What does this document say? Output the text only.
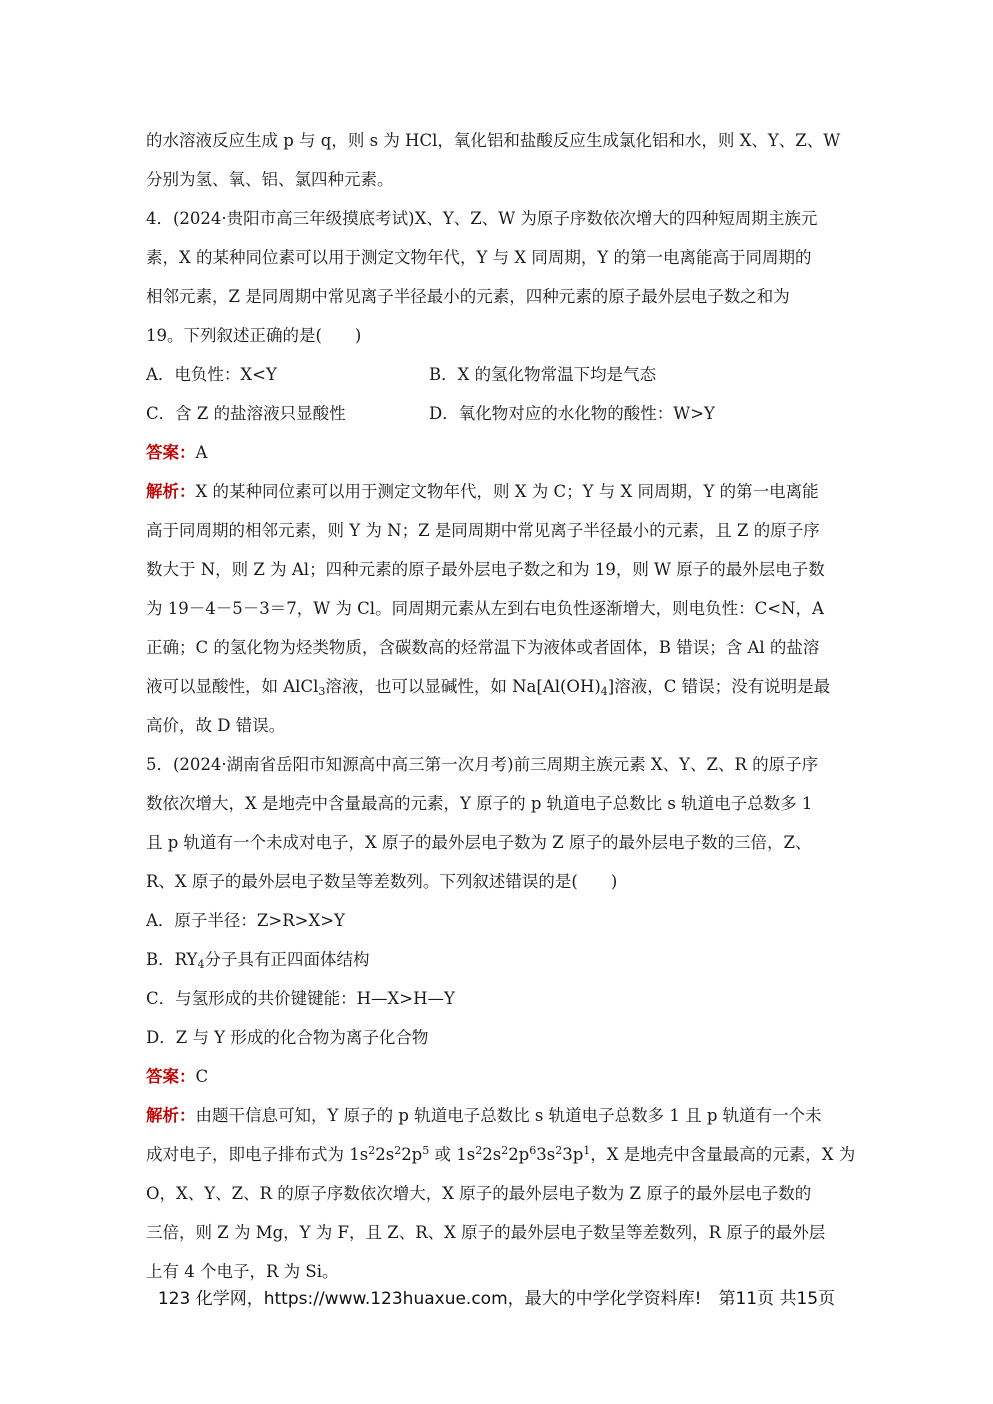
的水溶液反应生成 p 与 q，则 s 为 HCl，氧化铝和盐酸反应生成氯化铝和水，则 X、Y、Z、W
分别为氢、氧、铝、氯四种元素。
4．(2024·贵阳市高三年级摸底考试)X、Y、Z、W 为原子序数依次增大的四种短周期主族元
素，X 的某种同位素可以用于测定文物年代，Y 与 X 同周期，Y 的第一电离能高于同周期的
相邻元素，Z 是同周期中常见离子半径最小的元素，四种元素的原子最外层电子数之和为
19。下列叙述正确的是(　　)
A．电负性：X<Y	B．X 的氢化物常温下均是气态
C．含 Z 的盐溶液只显酸性	D．氧化物对应的水化物的酸性：W>Y
答案：A
解析：X 的某种同位素可以用于测定文物年代，则 X 为 C；Y 与 X 同周期，Y 的第一电离能
高于同周期的相邻元素，则 Y 为 N；Z 是同周期中常见离子半径最小的元素，且 Z 的原子序
数大于 N，则 Z 为 Al；四种元素的原子最外层电子数之和为 19，则 W 原子的最外层电子数
为 19－4－5－3＝7，W 为 Cl。同周期元素从左到右电负性逐渐增大，则电负性：C<N，A
正确；C 的氢化物为烃类物质，含碳数高的烃常温下为液体或者固体，B 错误；含 Al 的盐溶
液可以显酸性，如 AlCl$_3$溶液，也可以显碱性，如 $Na[Al(OH)_4]$溶液，C 错误；没有说明是最
高价，故 D 错误。
5．(2024·湖南省岳阳市知源高中高三第一次月考)前三周期主族元素 X、Y、Z、R 的原子序
数依次增大，X 是地壳中含量最高的元素，Y 原子的 p 轨道电子总数比 s 轨道电子总数多 1
且 p 轨道有一个未成对电子，X 原子的最外层电子数为 Z 原子的最外层电子数的三倍，Z、
R、X 原子的最外层电子数呈等差数列。下列叙述错误的是(　　)
A．原子半径：Z>R>X>Y
B．$RY_4$分子具有正四面体结构
C．与氢形成的共价键键能：H—X>H—Y
D．Z 与 Y 形成的化合物为离子化合物
答案：C
解析：由题干信息可知，Y 原子的 p 轨道电子总数比 s 轨道电子总数多 1 且 p 轨道有一个未
成对电子，即电子排布式为 $1s^22s^22p^5$ 或 $1s^22s^22p^63s^23p^1$，X 是地壳中含量最高的元素，X 为
O，X、Y、Z、R 的原子序数依次增大，X 原子的最外层电子数为 Z 原子的最外层电子数的
三倍，则 Z 为 Mg，Y 为 F，且 Z、R、X 原子的最外层电子数呈等差数列，R 原子的最外层
上有 4 个电子，R 为 Si。
123 化学网，https://www.123huaxue.com，最大的中学化学资料库!　第11页 共15页
